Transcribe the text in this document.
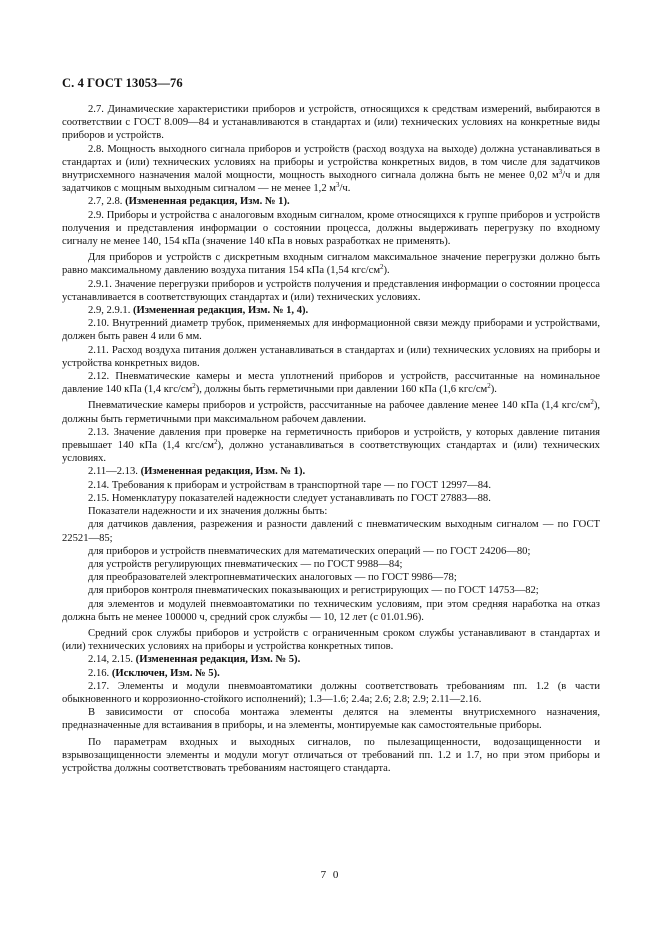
С. 4 ГОСТ 13053—76

2.7. Динамические характеристики приборов и устройств, относящихся к средствам измерений, выбираются в соответствии с ГОСТ 8.009—84 и устанавливаются в стандартах и (или) технических условиях на конкретные виды приборов и устройств.

2.8. Мощность выходного сигнала приборов и устройств (расход воздуха на выходе) должна устанавливаться в стандартах и (или) технических условиях на приборы и устройства конкретных видов, в том числе для задатчиков внутрисхемного назначения малой мощности, мощность выходного сигнала должна быть не менее 0,02 $м^3/ч$ и для задатчиков с мощным выходным сигналом — не менее 1,2 $м^3/ч$.

2.7, 2.8. (Измененная редакция, Изм. № 1).

2.9. Приборы и устройства с аналоговым входным сигналом, кроме относящихся к группе приборов и устройств получения и представления информации о состоянии процесса, должны выдерживать перегрузку по входному сигналу не менее 140, 154 кПа (значение 140 кПа в новых разработках не применять).

Для приборов и устройств с дискретным входным сигналом максимальное значение перегрузки должно быть равно максимальному давлению воздуха питания 154 кПа (1,54 кгс/$см^2$).

2.9.1. Значение перегрузки приборов и устройств получения и представления информации о состоянии процесса устанавливается в соответствующих стандартах и (или) технических условиях.

2.9, 2.9.1. (Измененная редакция, Изм. № 1, 4).

2.10. Внутренний диаметр трубок, применяемых для информационной связи между приборами и устройствами, должен быть равен 4 или 6 мм.

2.11. Расход воздуха питания должен устанавливаться в стандартах и (или) технических условиях на приборы и устройства конкретных видов.

2.12. Пневматические камеры и места уплотнений приборов и устройств, рассчитанные на номинальное давление 140 кПа (1,4 кгс/$см^2$), должны быть герметичными при давлении 160 кПа (1,6 кгс/$см^2$).

Пневматические камеры приборов и устройств, рассчитанные на рабочее давление менее 140 кПа (1,4 кгс/$см^2$), должны быть герметичными при максимальном рабочем давлении.

2.13. Значение давления при проверке на герметичность приборов и устройств, у которых давление питания превышает 140 кПа (1,4 кгс/$см^2$), должно устанавливаться в соответствующих стандартах и (или) технических условиях.

2.11—2.13. (Измененная редакция, Изм. № 1).

2.14. Требования к приборам и устройствам в транспортной таре — по ГОСТ 12997—84.

2.15. Номенклатуру показателей надежности следует устанавливать по ГОСТ 27883—88.

Показатели надежности и их значения должны быть:

для датчиков давления, разрежения и разности давлений с пневматическим выходным сигналом — по ГОСТ 22521—85;

для приборов и устройств пневматических для математических операций — по ГОСТ 24206—80;

для устройств регулирующих пневматических — по ГОСТ 9988—84;

для преобразователей электропневматических аналоговых — по ГОСТ 9986—78;

для приборов контроля пневматических показывающих и регистрирующих — по ГОСТ 14753—82;

для элементов и модулей пневмоавтоматики по техническим условиям, при этом средняя наработка на отказ должна быть не менее 100000 ч, средний срок службы — 10, 12 лет (с 01.01.96).

Средний срок службы приборов и устройств с ограниченным сроком службы устанавливают в стандартах и (или) технических условиях на приборы и устройства конкретных типов.

2.14, 2.15. (Измененная редакция, Изм. № 5).

2.16. (Исключен, Изм. № 5).

2.17. Элементы и модули пневмоавтоматики должны соответствовать требованиям пп. 1.2 (в части обыкновенного и коррозионно-стойкого исполнений); 1.3—1.6; 2.4а; 2.6; 2.8; 2.9; 2.11—2.16.

В зависимости от способа монтажа элементы делятся на элементы внутрисхемного назначения, предназначенные для встаивания в приборы, и на элементы, монтируемые как самостоятельные приборы.

По параметрам входных и выходных сигналов, по пылезащищенности, водозащищенности и взрывозащищенности элементы и модули могут отличаться от требований пп. 1.2 и 1.7, но при этом приборы и устройства должны соответствовать требованиям настоящего стандарта.

7 0
